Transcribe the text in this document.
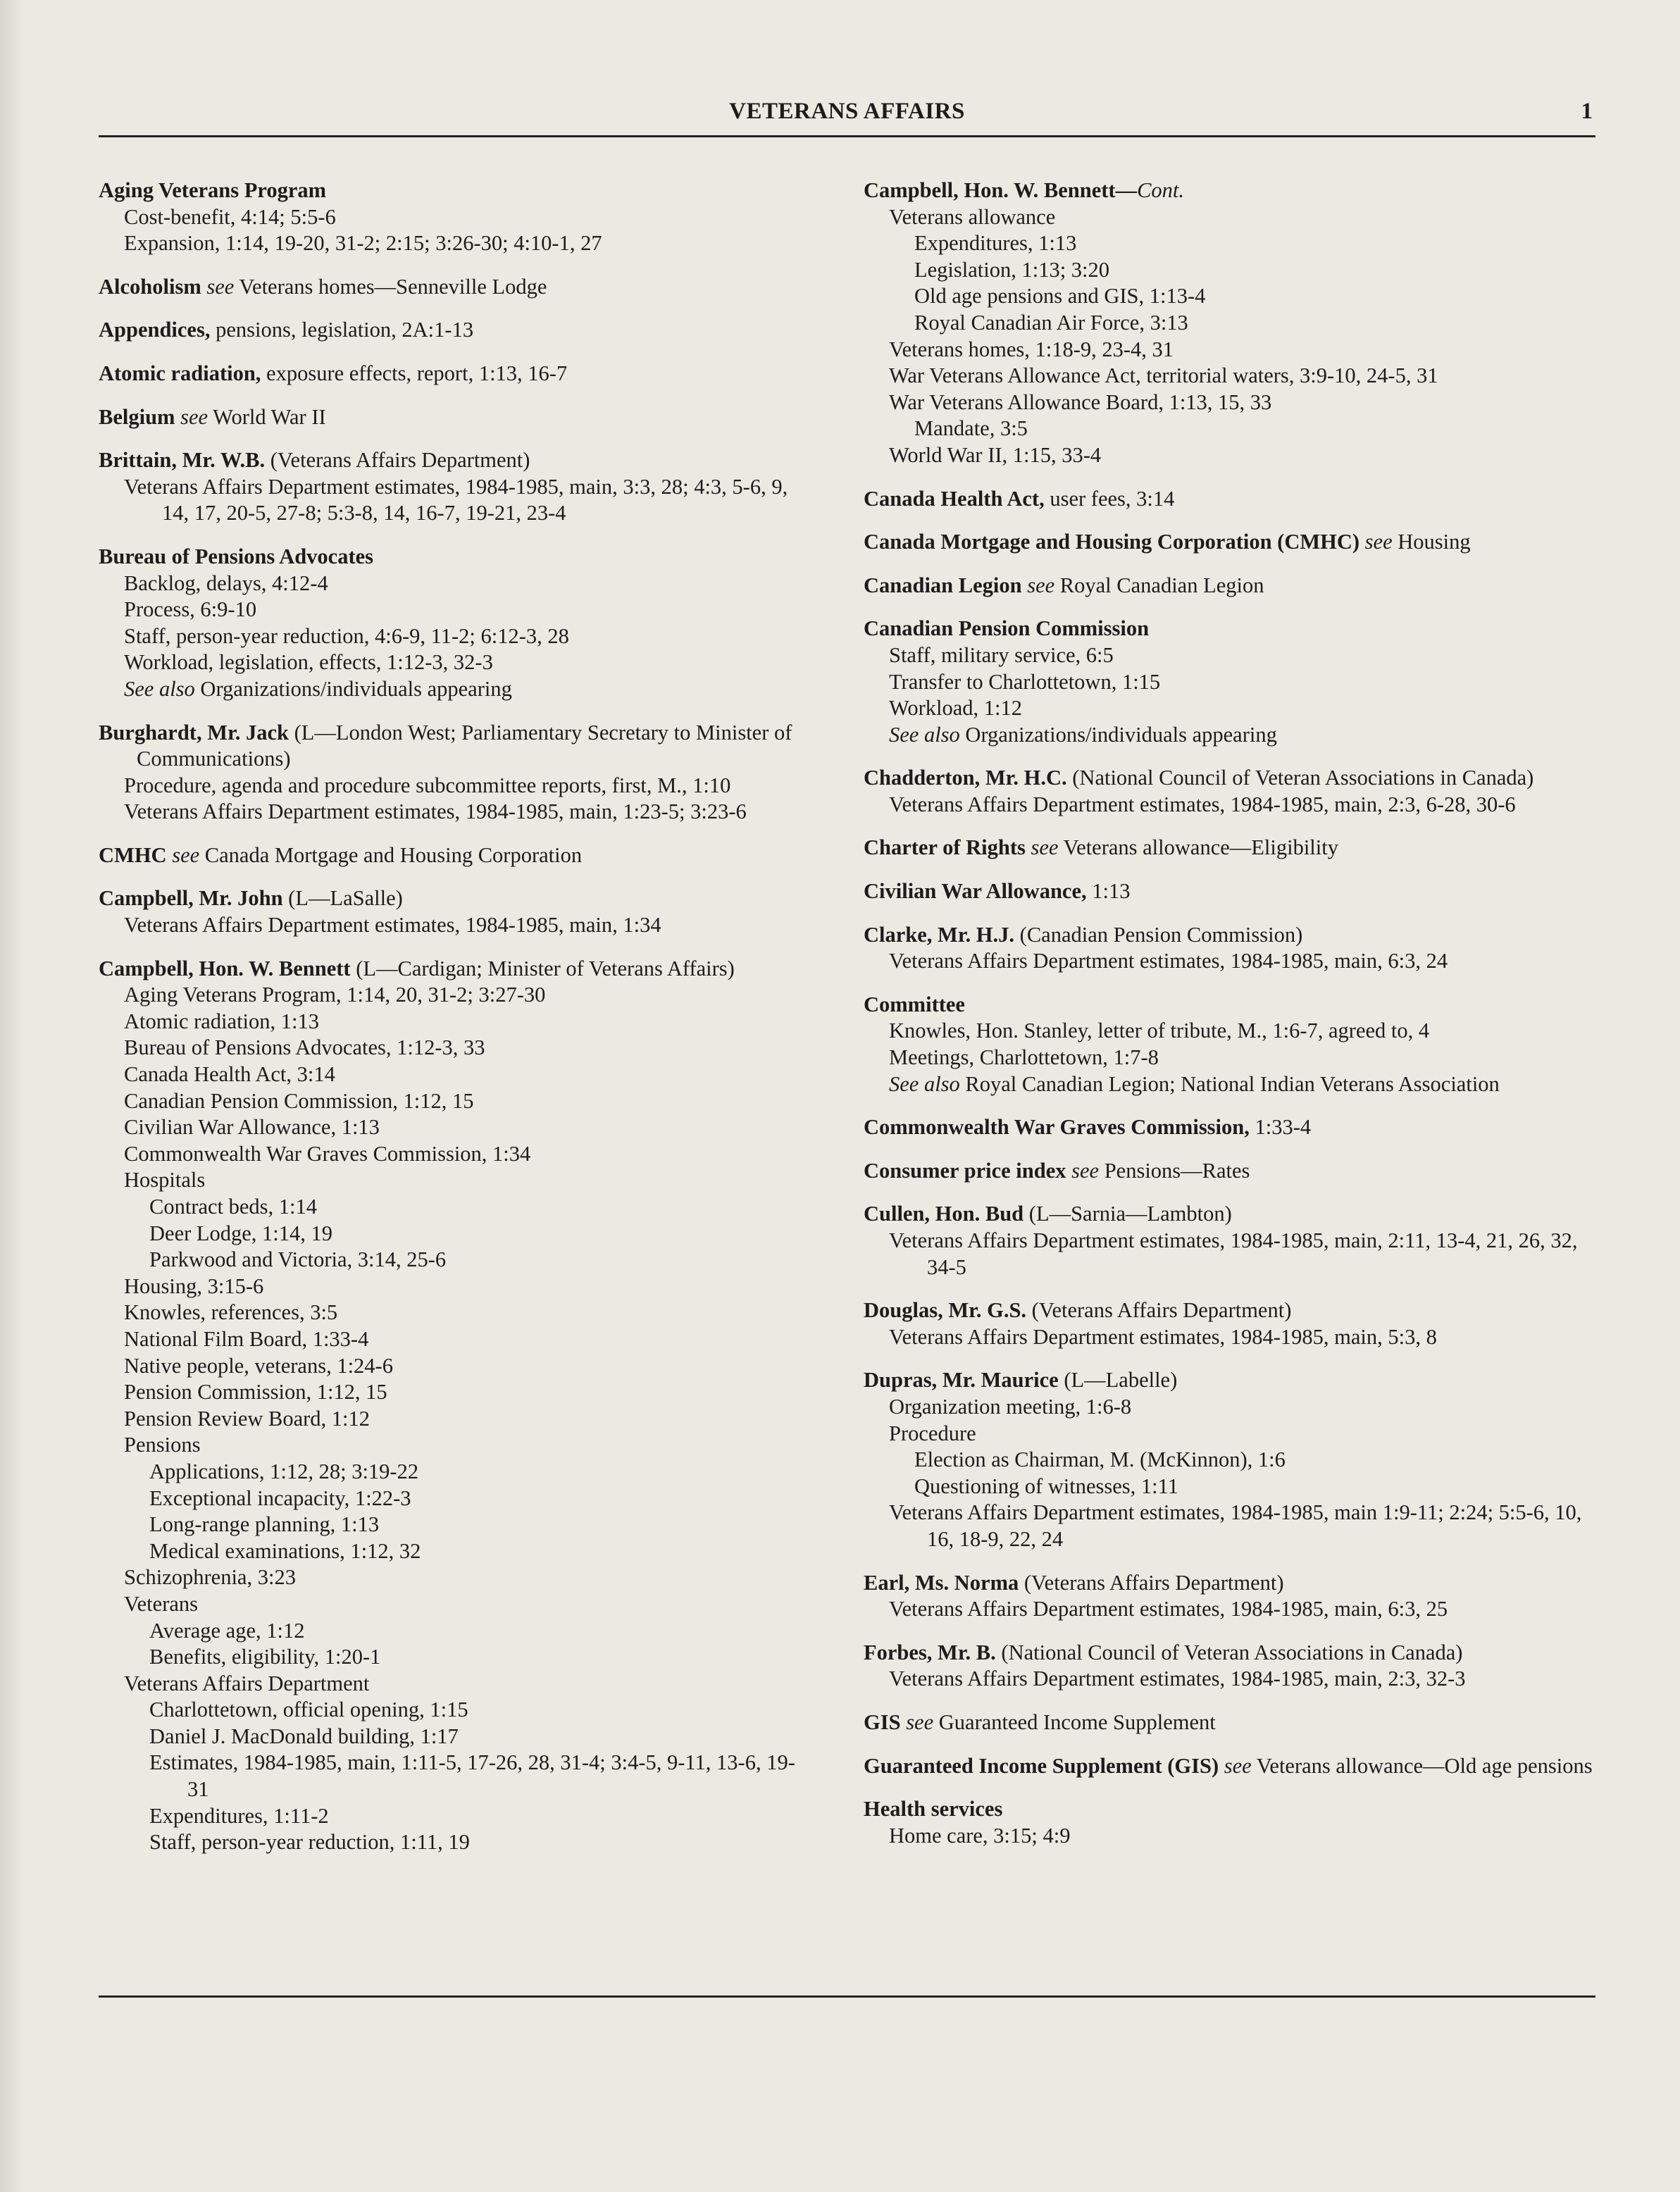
VETERANS AFFAIRS	1
Aging Veterans Program
Cost-benefit, 4:14; 5:5-6
Expansion, 1:14, 19-20, 31-2; 2:15; 3:26-30; 4:10-1, 27
Alcoholism see Veterans homes—Senneville Lodge
Appendices, pensions, legislation, 2A:1-13
Atomic radiation, exposure effects, report, 1:13, 16-7
Belgium see World War II
Brittain, Mr. W.B. (Veterans Affairs Department)
Veterans Affairs Department estimates, 1984-1985, main, 3:3, 28; 4:3, 5-6, 9, 14, 17, 20-5, 27-8; 5:3-8, 14, 16-7, 19-21, 23-4
Bureau of Pensions Advocates
Backlog, delays, 4:12-4
Process, 6:9-10
Staff, person-year reduction, 4:6-9, 11-2; 6:12-3, 28
Workload, legislation, effects, 1:12-3, 32-3
See also Organizations/individuals appearing
Burghardt, Mr. Jack (L—London West; Parliamentary Secretary to Minister of Communications)
Procedure, agenda and procedure subcommittee reports, first, M., 1:10
Veterans Affairs Department estimates, 1984-1985, main, 1:23-5; 3:23-6
CMHC see Canada Mortgage and Housing Corporation
Campbell, Mr. John (L—LaSalle)
Veterans Affairs Department estimates, 1984-1985, main, 1:34
Campbell, Hon. W. Bennett (L—Cardigan; Minister of Veterans Affairs)
Aging Veterans Program, 1:14, 20, 31-2; 3:27-30
Atomic radiation, 1:13
Bureau of Pensions Advocates, 1:12-3, 33
Canada Health Act, 3:14
Canadian Pension Commission, 1:12, 15
Civilian War Allowance, 1:13
Commonwealth War Graves Commission, 1:34
Hospitals
Contract beds, 1:14
Deer Lodge, 1:14, 19
Parkwood and Victoria, 3:14, 25-6
Housing, 3:15-6
Knowles, references, 3:5
National Film Board, 1:33-4
Native people, veterans, 1:24-6
Pension Commission, 1:12, 15
Pension Review Board, 1:12
Pensions
Applications, 1:12, 28; 3:19-22
Exceptional incapacity, 1:22-3
Long-range planning, 1:13
Medical examinations, 1:12, 32
Schizophrenia, 3:23
Veterans
Average age, 1:12
Benefits, eligibility, 1:20-1
Veterans Affairs Department
Charlottetown, official opening, 1:15
Daniel J. MacDonald building, 1:17
Estimates, 1984-1985, main, 1:11-5, 17-26, 28, 31-4; 3:4-5, 9-11, 13-6, 19-31
Expenditures, 1:11-2
Staff, person-year reduction, 1:11, 19
Campbell, Hon. W. Bennett—Cont.
Veterans allowance
Expenditures, 1:13
Legislation, 1:13; 3:20
Old age pensions and GIS, 1:13-4
Royal Canadian Air Force, 3:13
Veterans homes, 1:18-9, 23-4, 31
War Veterans Allowance Act, territorial waters, 3:9-10, 24-5, 31
War Veterans Allowance Board, 1:13, 15, 33
Mandate, 3:5
World War II, 1:15, 33-4
Canada Health Act, user fees, 3:14
Canada Mortgage and Housing Corporation (CMHC) see Housing
Canadian Legion see Royal Canadian Legion
Canadian Pension Commission
Staff, military service, 6:5
Transfer to Charlottetown, 1:15
Workload, 1:12
See also Organizations/individuals appearing
Chadderton, Mr. H.C. (National Council of Veteran Associations in Canada)
Veterans Affairs Department estimates, 1984-1985, main, 2:3, 6-28, 30-6
Charter of Rights see Veterans allowance—Eligibility
Civilian War Allowance, 1:13
Clarke, Mr. H.J. (Canadian Pension Commission)
Veterans Affairs Department estimates, 1984-1985, main, 6:3, 24
Committee
Knowles, Hon. Stanley, letter of tribute, M., 1:6-7, agreed to, 4
Meetings, Charlottetown, 1:7-8
See also Royal Canadian Legion; National Indian Veterans Association
Commonwealth War Graves Commission, 1:33-4
Consumer price index see Pensions—Rates
Cullen, Hon. Bud (L—Sarnia—Lambton)
Veterans Affairs Department estimates, 1984-1985, main, 2:11, 13-4, 21, 26, 32, 34-5
Douglas, Mr. G.S. (Veterans Affairs Department)
Veterans Affairs Department estimates, 1984-1985, main, 5:3, 8
Dupras, Mr. Maurice (L—Labelle)
Organization meeting, 1:6-8
Procedure
Election as Chairman, M. (McKinnon), 1:6
Questioning of witnesses, 1:11
Veterans Affairs Department estimates, 1984-1985, main 1:9-11; 2:24; 5:5-6, 10, 16, 18-9, 22, 24
Earl, Ms. Norma (Veterans Affairs Department)
Veterans Affairs Department estimates, 1984-1985, main, 6:3, 25
Forbes, Mr. B. (National Council of Veteran Associations in Canada)
Veterans Affairs Department estimates, 1984-1985, main, 2:3, 32-3
GIS see Guaranteed Income Supplement
Guaranteed Income Supplement (GIS) see Veterans allowance—Old age pensions
Health services
Home care, 3:15; 4:9
